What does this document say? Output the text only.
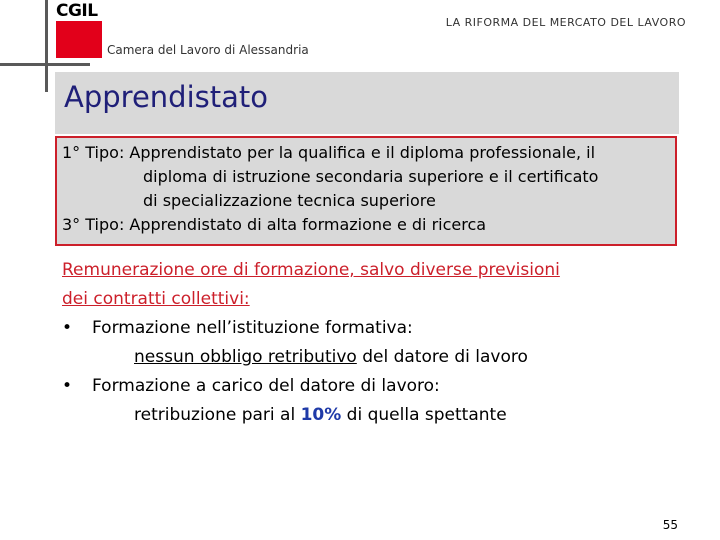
CGIL
Camera del Lavoro di Alessandria
LA RIFORMA DEL MERCATO DEL LAVORO
Apprendistato
1° Tipo: Apprendistato per la qualifica e il diploma professionale, il
diploma di istruzione secondaria superiore e il certificato
di specializzazione tecnica superiore
3° Tipo: Apprendistato di alta formazione e di ricerca
Remunerazione ore di formazione, salvo diverse previsioni
dei contratti collettivi:
• Formazione nell’istituzione formativa:
nessun obbligo retributivo del datore di lavoro
• Formazione a carico del datore di lavoro:
retribuzione pari al 10% di quella spettante
55
